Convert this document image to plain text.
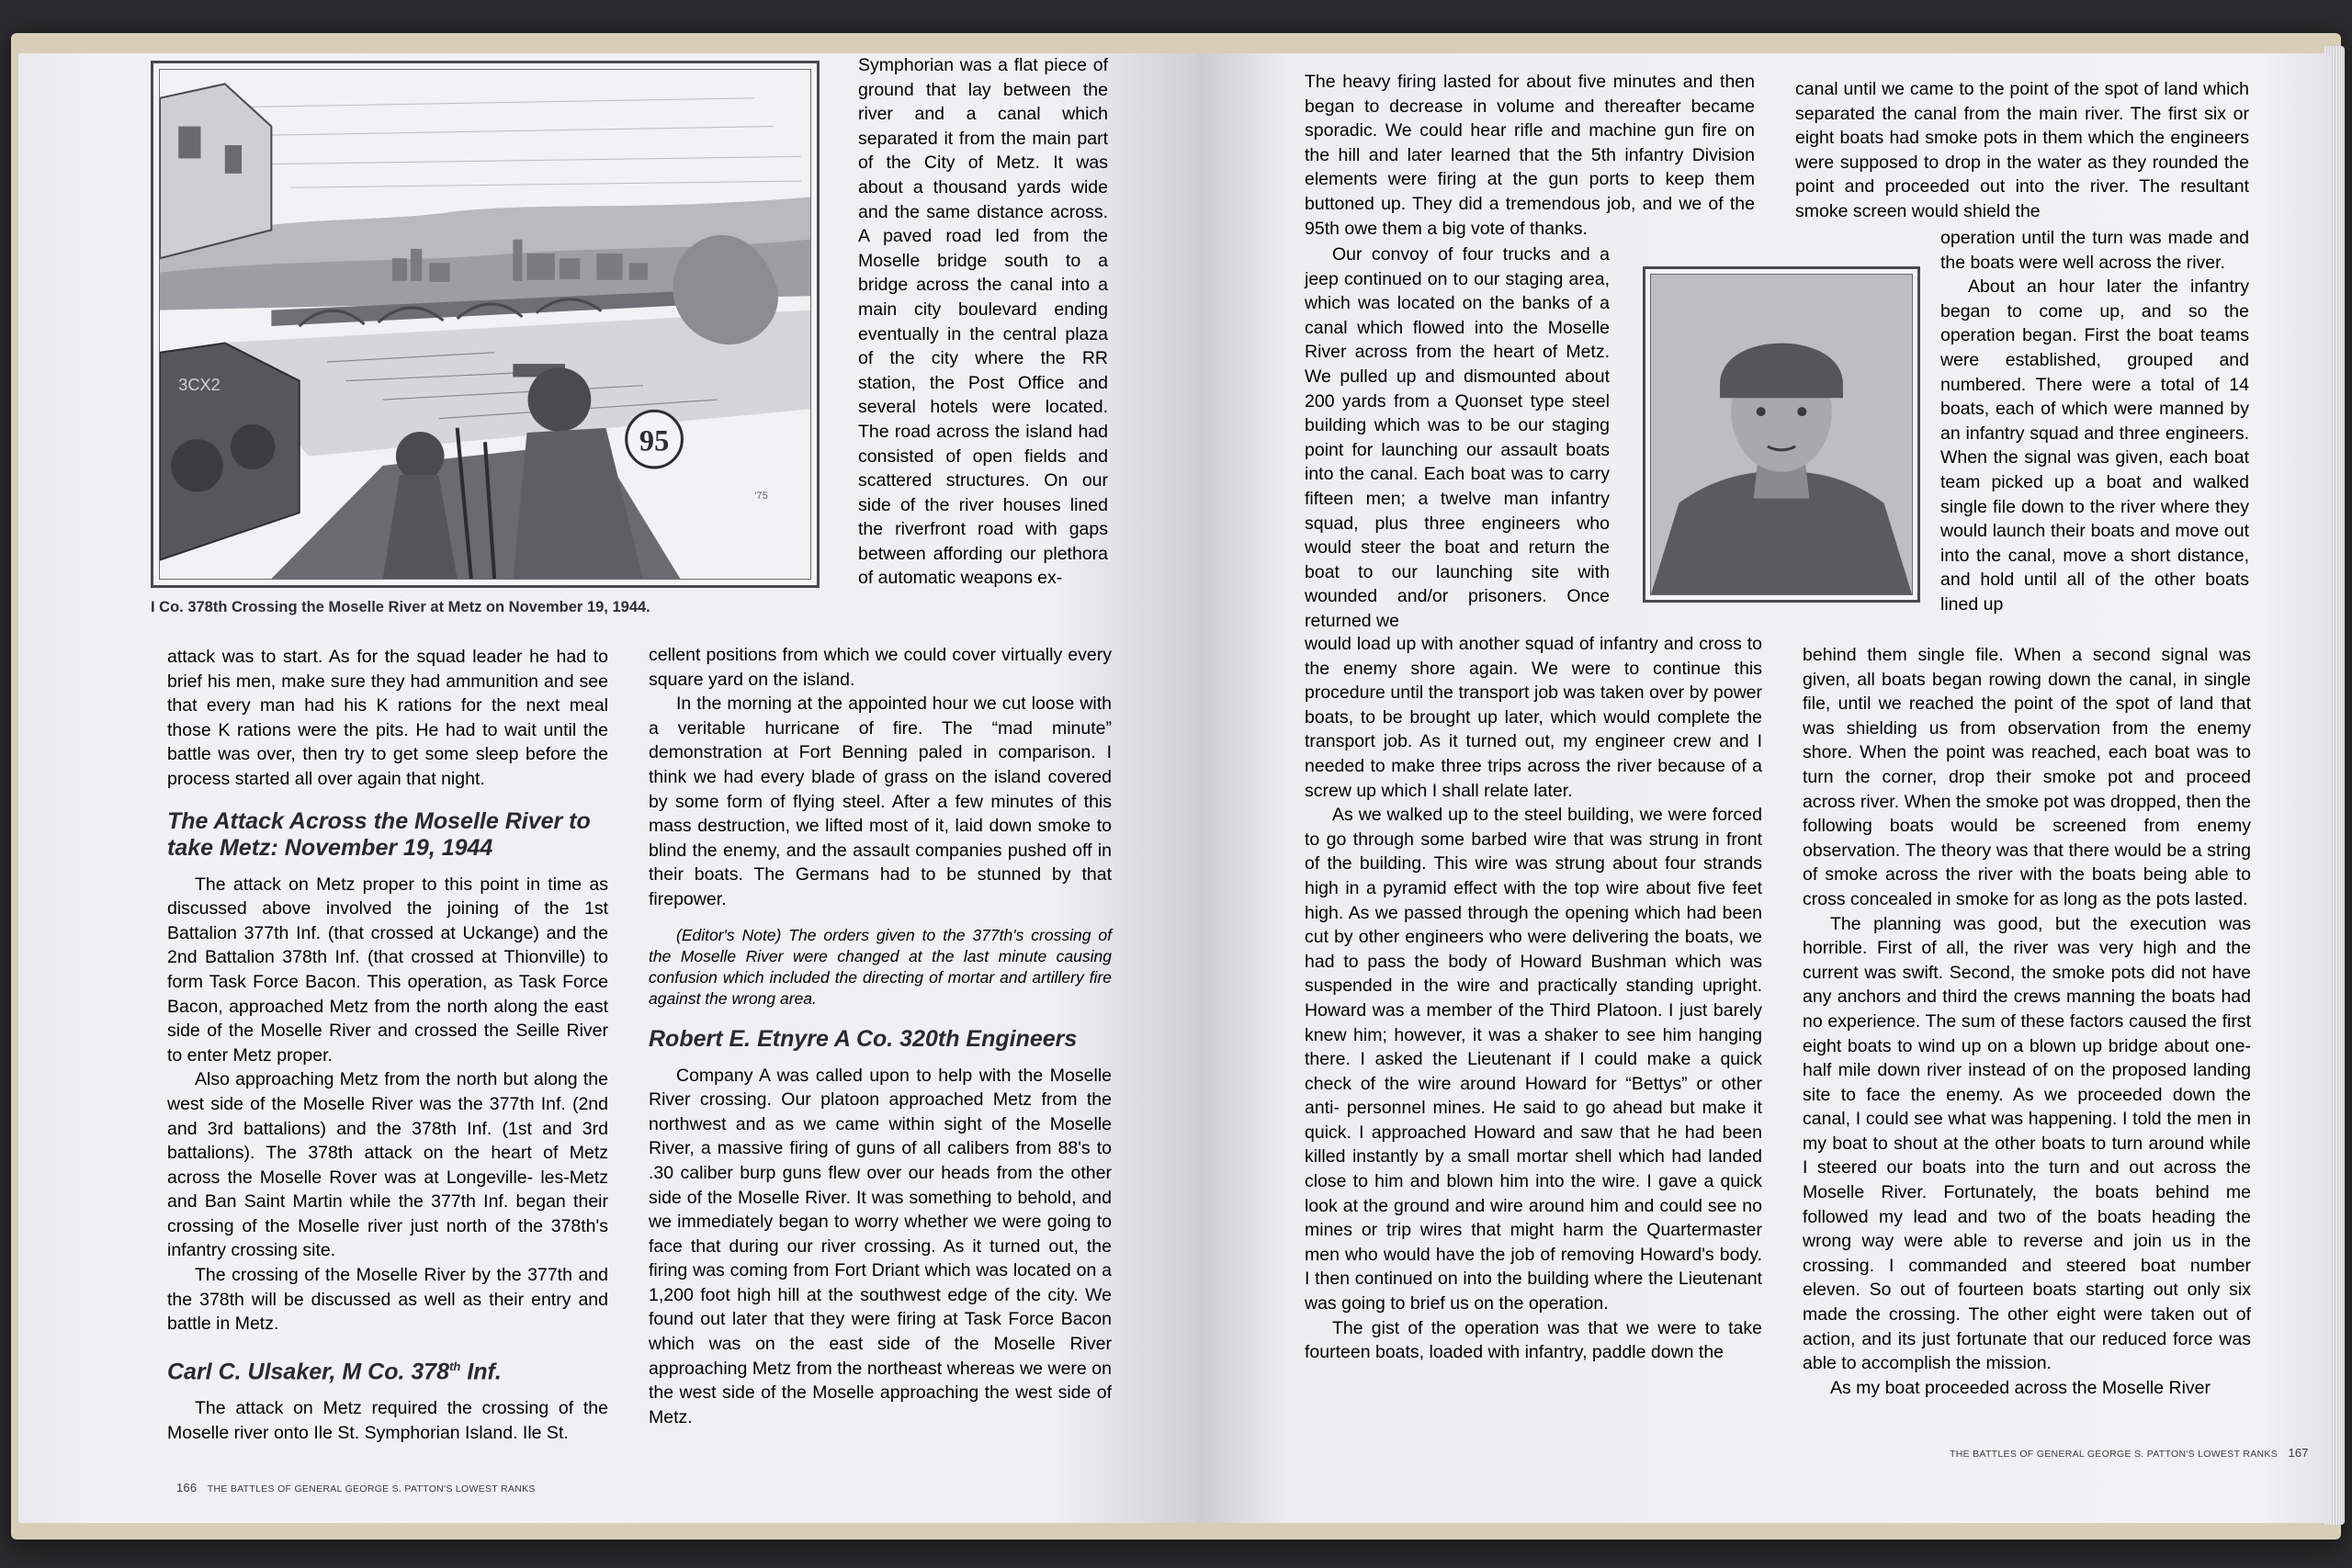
3CX2
95
'75
I Co. 378th Crossing the Moselle River at Metz on November 19, 1944.

Symphorian was a flat piece of ground that lay between the river and a canal which separated it from the main part of the City of Metz. It was about a thousand yards wide and the same distance across. A paved road led from the Moselle bridge south to a bridge across the canal into a main city boulevard ending eventually in the central plaza of the city where the RR station, the Post Office and several hotels were located. The road across the island had consisted of open fields and scattered structures. On our side of the river houses lined the riverfront road with gaps between affording our plethora of automatic weapons ex-

attack was to start. As for the squad leader he had to brief his men, make sure they had ammunition and see that every man had his K rations for the next meal those K rations were the pits. He had to wait until the battle was over, then try to get some sleep before the process started all over again that night.

The Attack Across the Moselle River to take Metz: November 19, 1944

The attack on Metz proper to this point in time as discussed above involved the joining of the 1st Battalion 377th Inf. (that crossed at Uckange) and the 2nd Battalion 378th Inf. (that crossed at Thionville) to form Task Force Bacon. This operation, as Task Force Bacon, approached Metz from the north along the east side of the Moselle River and crossed the Seille River to enter Metz proper.

Also approaching Metz from the north but along the west side of the Moselle River was the 377th Inf. (2nd and 3rd battalions) and the 378th Inf. (1st and 3rd battalions). The 378th attack on the heart of Metz across the Moselle Rover was at Longeville- les-Metz and Ban Saint Martin while the 377th Inf. began their crossing of the Moselle river just north of the 378th's infantry crossing site.

The crossing of the Moselle River by the 377th and the 378th will be discussed as well as their entry and battle in Metz.

Carl C. Ulsaker, M Co. 378th Inf.

The attack on Metz required the crossing of the Moselle river onto Ile St. Symphorian Island. Ile St.

cellent positions from which we could cover virtually every square yard on the island.

In the morning at the appointed hour we cut loose with a veritable hurricane of fire. The “mad minute” demonstration at Fort Benning paled in comparison. I think we had every blade of grass on the island covered by some form of flying steel. After a few minutes of this mass destruction, we lifted most of it, laid down smoke to blind the enemy, and the assault companies pushed off in their boats. The Germans had to be stunned by that firepower.

(Editor's Note) The orders given to the 377th's crossing of the Moselle River were changed at the last minute causing confusion which included the directing of mortar and artillery fire against the wrong area.

Robert E. Etnyre A Co. 320th Engineers

Company A was called upon to help with the Moselle River crossing. Our platoon approached Metz from the northwest and as we came within sight of the Moselle River, a massive firing of guns of all calibers from 88's to .30 caliber burp guns flew over our heads from the other side of the Moselle River. It was something to behold, and we immediately began to worry whether we were going to face that during our river crossing. As it turned out, the firing was coming from Fort Driant which was located on a 1,200 foot high hill at the southwest edge of the city. We found out later that they were firing at Task Force Bacon which was on the east side of the Moselle River approaching Metz from the northeast whereas we were on the west side of the Moselle approaching the west side of Metz.

166 THE BATTLES OF GENERAL GEORGE S. PATTON'S LOWEST RANKS

The heavy firing lasted for about five minutes and then began to decrease in volume and thereafter became sporadic. We could hear rifle and machine gun fire on the hill and later learned that the 5th infantry Division elements were firing at the gun ports to keep them buttoned up. They did a tremendous job, and we of the 95th owe them a big vote of thanks.

Our convoy of four trucks and a jeep continued on to our staging area, which was located on the banks of a canal which flowed into the Moselle River across from the heart of Metz. We pulled up and dismounted about 200 yards from a Quonset type steel building which was to be our staging point for launching our assault boats into the canal. Each boat was to carry fifteen men; a twelve man infantry squad, plus three engineers who would steer the boat and return the boat to our launching site with wounded and/or prisoners. Once returned we

would load up with another squad of infantry and cross to the enemy shore again. We were to continue this procedure until the transport job was taken over by power boats, to be brought up later, which would complete the transport job. As it turned out, my engineer crew and I needed to make three trips across the river because of a screw up which I shall relate later.

As we walked up to the steel building, we were forced to go through some barbed wire that was strung in front of the building. This wire was strung about four strands high in a pyramid effect with the top wire about five feet high. As we passed through the opening which had been cut by other engineers who were delivering the boats, we had to pass the body of Howard Bushman which was suspended in the wire and practically standing upright. Howard was a member of the Third Platoon. I just barely knew him; however, it was a shaker to see him hanging there. I asked the Lieutenant if I could make a quick check of the wire around Howard for “Bettys” or other anti- personnel mines. He said to go ahead but make it quick. I approached Howard and saw that he had been killed instantly by a small mortar shell which had landed close to him and blown him into the wire. I gave a quick look at the ground and wire around him and could see no mines or trip wires that might harm the Quartermaster men who would have the job of removing Howard's body. I then continued on into the building where the Lieutenant was going to brief us on the operation.

The gist of the operation was that we were to take fourteen boats, loaded with infantry, paddle down the

canal until we came to the point of the spot of land which separated the canal from the main river. The first six or eight boats had smoke pots in them which the engineers were supposed to drop in the water as they rounded the point and proceeded out into the river. The resultant smoke screen would shield the

operation until the turn was made and the boats were well across the river.

About an hour later the infantry began to come up, and so the operation began. First the boat teams were established, grouped and numbered. There were a total of 14 boats, each of which were manned by an infantry squad and three engineers. When the signal was given, each boat team picked up a boat and walked single file down to the river where they would launch their boats and move out into the canal, move a short distance, and hold until all of the other boats lined up

behind them single file. When a second signal was given, all boats began rowing down the canal, in single file, until we reached the point of the spot of land that was shielding us from observation from the enemy shore. When the point was reached, each boat was to turn the corner, drop their smoke pot and proceed across river. When the smoke pot was dropped, then the following boats would be screened from enemy observation. The theory was that there would be a string of smoke across the river with the boats being able to cross concealed in smoke for as long as the pots lasted.

The planning was good, but the execution was horrible. First of all, the river was very high and the current was swift. Second, the smoke pots did not have any anchors and third the crews manning the boats had no experience. The sum of these factors caused the first eight boats to wind up on a blown up bridge about one-half mile down river instead of on the proposed landing site to face the enemy. As we proceeded down the canal, I could see what was happening. I told the men in my boat to shout at the other boats to turn around while I steered our boats into the turn and out across the Moselle River. Fortunately, the boats behind me followed my lead and two of the boats heading the wrong way were able to reverse and join us in the crossing. I commanded and steered boat number eleven. So out of fourteen boats starting out only six made the crossing. The other eight were taken out of action, and its just fortunate that our reduced force was able to accomplish the mission.

As my boat proceeded across the Moselle River

THE BATTLES OF GENERAL GEORGE S. PATTON'S LOWEST RANKS 167
